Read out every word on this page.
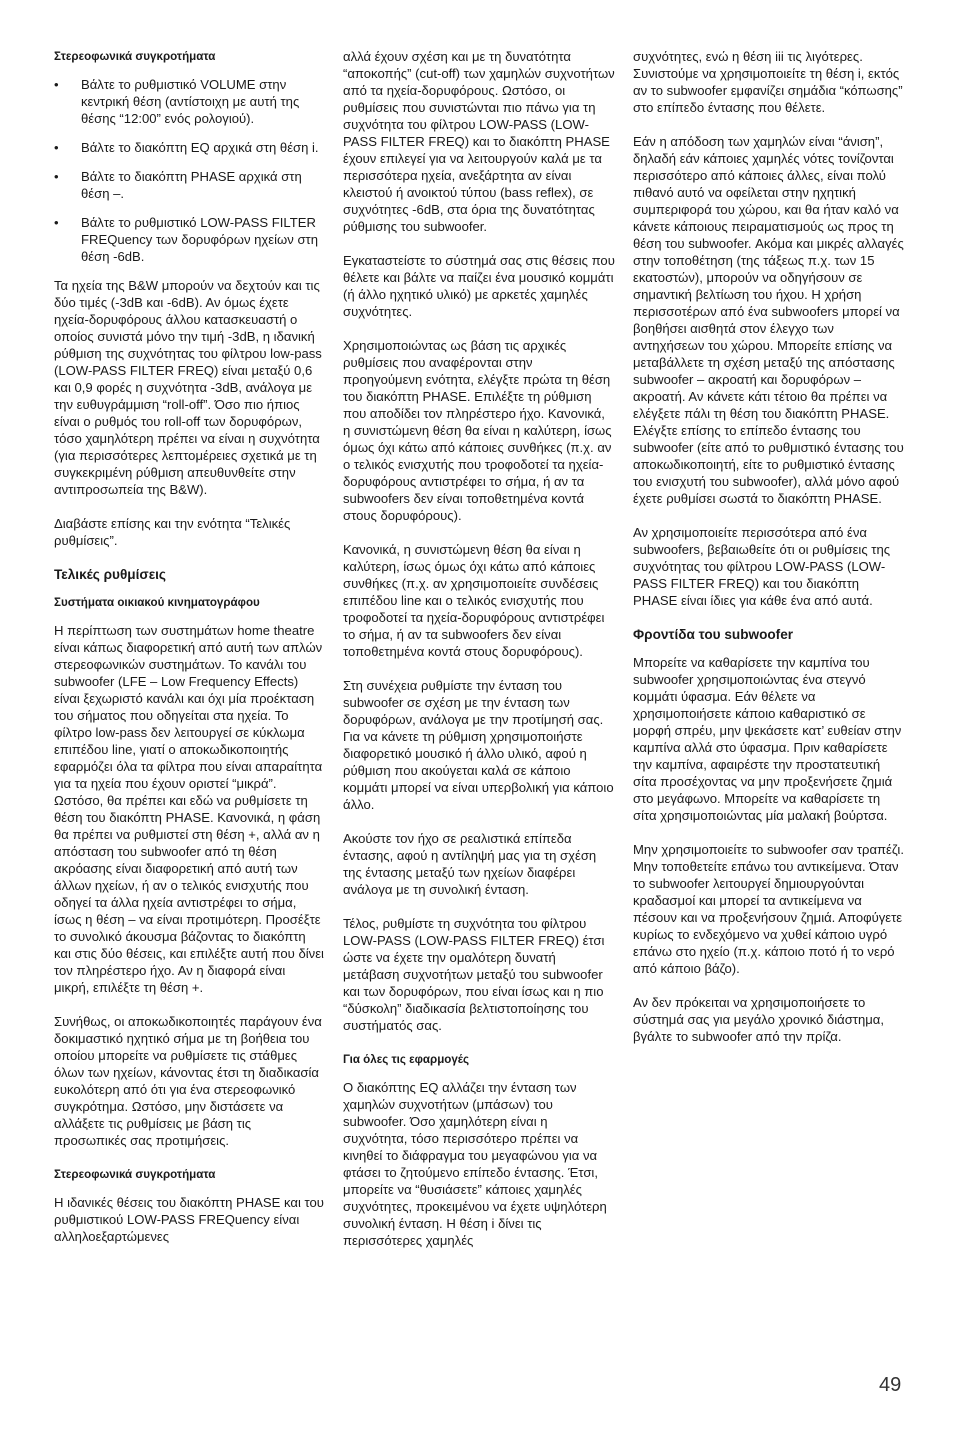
Στερεοφωνικά συγκροτήματα
• Βάλτε το ρυθμιστικό VOLUME στην κεντρική θέση (αντίστοιχη με αυτή της θέσης “12:00” ενός ρολογιού).
• Βάλτε το διακόπτη EQ αρχικά στη θέση i.
• Βάλτε το διακόπτη PHASE αρχικά στη θέση –.
• Βάλτε το ρυθμιστικό LOW-PASS FILTER FREQuency των δορυφόρων ηχείων στη θέση -6dB.

Τα ηχεία της B&W μπορούν να δεχτούν και τις δύο τιμές (-3dB και -6dB). Αν όμως έχετε ηχεία-δορυφόρους άλλου κατασκευαστή ο οποίος συνιστά μόνο την τιμή -3dB, η ιδανική ρύθμιση της συχνότητας του φίλτρου low-pass (LOW-PASS FILTER FREQ) είναι μεταξύ 0,6 και 0,9 φορές η συχνότητα -3dB, ανάλογα με την ευθυγράμμιση “roll-off”. Όσο πιο ήπιος είναι ο ρυθμός του roll-off των δορυφόρων, τόσο χαμηλότερη πρέπει να είναι η συχνότητα (για περισσότερες λεπτομέρειες σχετικά με τη συγκεκριμένη ρύθμιση απευθυνθείτε στην αντιπροσωπεία της B&W).

Διαβάστε επίσης και την ενότητα “Τελικές ρυθμίσεις”.

Τελικές ρυθμίσεις
Συστήματα οικιακού κινηματογράφου

Η περίπτωση των συστημάτων home theatre είναι κάπως διαφορετική από αυτή των απλών στερεοφωνικών συστημάτων. Το κανάλι του subwoofer (LFE – Low Frequency Effects) είναι ξεχωριστό κανάλι και όχι μία προέκταση του σήματος που οδηγείται στα ηχεία. Το φίλτρο low-pass δεν λειτουργεί σε κύκλωμα επιπέδου line, γιατί ο αποκωδικοποιητής εφαρμόζει όλα τα φίλτρα που είναι απαραίτητα για τα ηχεία που έχουν οριστεί “μικρά”. Ωστόσο, θα πρέπει και εδώ να ρυθμίσετε τη θέση του διακόπτη PHASE. Κανονικά, η φάση θα πρέπει να ρυθμιστεί στη θέση +, αλλά αν η απόσταση του subwoofer από τη θέση ακρόασης είναι διαφορετική από αυτή των άλλων ηχείων, ή αν ο τελικός ενισχυτής που οδηγεί τα άλλα ηχεία αντιστρέφει το σήμα, ίσως η θέση – να είναι προτιμότερη. Προσέξτε το συνολικό άκουσμα βάζοντας το διακόπτη και στις δύο θέσεις, και επιλέξτε αυτή που δίνει τον πληρέστερο ήχο. Αν η διαφορά είναι μικρή, επιλέξτε τη θέση +.

Συνήθως, οι αποκωδικοποιητές παράγουν ένα δοκιμαστικό ηχητικό σήμα με τη βοήθεια του οποίου μπορείτε να ρυθμίσετε τις στάθμες όλων των ηχείων, κάνοντας έτσι τη διαδικασία ευκολότερη από ότι για ένα στερεοφωνικό συγκρότημα. Ωστόσο, μην διστάσετε να αλλάξετε τις ρυθμίσεις με βάση τις προσωπικές σας προτιμήσεις.

Στερεοφωνικά συγκροτήματα

Η ιδανικές θέσεις του διακόπτη PHASE και του ρυθμιστικού LOW-PASS FREQuency είναι αλληλοεξαρτώμενες

αλλά έχουν σχέση και με τη δυνατότητα “αποκοπής” (cut-off) των χαμηλών συχνοτήτων από τα ηχεία-δορυφόρους. Ωστόσο, οι ρυθμίσεις που συνιστώνται πιο πάνω για τη συχνότητα του φίλτρου LOW-PASS (LOW-PASS FILTER FREQ) και το διακόπτη PHASE έχουν επιλεγεί για να λειτουργούν καλά με τα περισσότερα ηχεία, ανεξάρτητα αν είναι κλειστού ή ανοικτού τύπου (bass reflex), σε συχνότητες -6dB, στα όρια της δυνατότητας ρύθμισης του subwoofer.

Εγκαταστείστε το σύστημά σας στις θέσεις που θέλετε και βάλτε να παίζει ένα μουσικό κομμάτι (ή άλλο ηχητικό υλικό) με αρκετές χαμηλές συχνότητες.

Χρησιμοποιώντας ως βάση τις αρχικές ρυθμίσεις που αναφέρονται στην προηγούμενη ενότητα, ελέγξτε πρώτα τη θέση του διακόπτη PHASE. Επιλέξτε τη ρύθμιση που αποδίδει τον πληρέστερο ήχο. Κανονικά, η συνιστώμενη θέση θα είναι η καλύτερη, ίσως όμως όχι κάτω από κάποιες συνθήκες (π.χ. αν ο τελικός ενισχυτής που τροφοδοτεί τα ηχεία-δορυφόρους αντιστρέφει το σήμα, ή αν τα subwoofers δεν είναι τοποθετημένα κοντά στους δορυφόρους).

Κανονικά, η συνιστώμενη θέση θα είναι η καλύτερη, ίσως όμως όχι κάτω από κάποιες συνθήκες (π.χ. αν χρησιμοποιείτε συνδέσεις επιπέδου line και ο τελικός ενισχυτής που τροφοδοτεί τα ηχεία-δορυφόρους αντιστρέφει το σήμα, ή αν τα subwoofers δεν είναι τοποθετημένα κοντά στους δορυφόρους).

Στη συνέχεια ρυθμίστε την ένταση του subwoofer σε σχέση με την ένταση των δορυφόρων, ανάλογα με την προτίμησή σας. Για να κάνετε τη ρύθμιση χρησιμοποιήστε διαφορετικό μουσικό ή άλλο υλικό, αφού η ρύθμιση που ακούγεται καλά σε κάποιο κομμάτι μπορεί να είναι υπερβολική για κάποιο άλλο.

Ακούστε τον ήχο σε ρεαλιστικά επίπεδα έντασης, αφού η αντίληψή μας για τη σχέση της έντασης μεταξύ των ηχείων διαφέρει ανάλογα με τη συνολική ένταση.

Τέλος, ρυθμίστε τη συχνότητα του φίλτρου LOW-PASS (LOW-PASS FILTER FREQ) έτσι ώστε να έχετε την ομαλότερη δυνατή μετάβαση συχνοτήτων μεταξύ του subwoofer και των δορυφόρων, που είναι ίσως και η πιο “δύσκολη” διαδικασία βελτιστοποίησης του συστήματός σας.

Για όλες τις εφαρμογές

Ο διακόπτης EQ αλλάζει την ένταση των χαμηλών συχνοτήτων (μπάσων) του subwoofer. Όσο χαμηλότερη είναι η συχνότητα, τόσο περισσότερο πρέπει να κινηθεί το διάφραγμα του μεγαφώνου για να φτάσει το ζητούμενο επίπεδο έντασης. Έτσι, μπορείτε να “θυσιάσετε” κάποιες χαμηλές συχνότητες, προκειμένου να έχετε υψηλότερη συνολική ένταση. Η θέση i δίνει τις περισσότερες χαμηλές

συχνότητες, ενώ η θέση iii τις λιγότερες. Συνιστούμε να χρησιμοποιείτε τη θέση i, εκτός αν το subwoofer εμφανίζει σημάδια “κόπωσης” στο επίπεδο έντασης που θέλετε.

Εάν η απόδοση των χαμηλών είναι “άνιση”, δηλαδή εάν κάποιες χαμηλές νότες τονίζονται περισσότερο από κάποιες άλλες, είναι πολύ πιθανό αυτό να οφείλεται στην ηχητική συμπεριφορά του χώρου, και θα ήταν καλό να κάνετε κάποιους πειραματισμούς ως προς τη θέση του subwoofer. Ακόμα και μικρές αλλαγές στην τοποθέτηση (της τάξεως π.χ. των 15 εκατοστών), μπορούν να οδηγήσουν σε σημαντική βελτίωση του ήχου. Η χρήση περισσοτέρων από ένα subwoofers μπορεί να βοηθήσει αισθητά στον έλεγχο των αντηχήσεων του χώρου. Μπορείτε επίσης να μεταβάλλετε τη σχέση μεταξύ της απόστασης subwoofer – ακροατή και δορυφόρων – ακροατή. Αν κάνετε κάτι τέτοιο θα πρέπει να ελέγξετε πάλι τη θέση του διακόπτη PHASE. Ελέγξτε επίσης το επίπεδο έντασης του subwoofer (είτε από το ρυθμιστικό έντασης του αποκωδικοποιητή, είτε το ρυθμιστικό έντασης του ενισχυτή του subwoofer), αλλά μόνο αφού έχετε ρυθμίσει σωστά το διακόπτη PHASE.

Αν χρησιμοποιείτε περισσότερα από ένα subwoofers, βεβαιωθείτε ότι οι ρυθμίσεις της συχνότητας του φίλτρου LOW-PASS (LOW-PASS FILTER FREQ) και του διακόπτη PHASE είναι ίδιες για κάθε ένα από αυτά.

Φροντίδα του subwoofer

Μπορείτε να καθαρίσετε την καμπίνα του subwoofer χρησιμοποιώντας ένα στεγνό κομμάτι ύφασμα. Εάν θέλετε να χρησιμοποιήσετε κάποιο καθαριστικό σε μορφή σπρέυ, μην ψεκάσετε κατ’ ευθείαν στην καμπίνα αλλά στο ύφασμα. Πριν καθαρίσετε την καμπίνα, αφαιρέστε την προστατευτική σίτα προσέχοντας να μην προξενήσετε ζημιά στο μεγάφωνο. Μπορείτε να καθαρίσετε τη σίτα χρησιμοποιώντας μία μαλακή βούρτσα.

Μην χρησιμοποιείτε το subwoofer σαν τραπέζι. Μην τοποθετείτε επάνω του αντικείμενα. Όταν το subwoofer λειτουργεί δημιουργούνται κραδασμοί και μπορεί τα αντικείμενα να πέσουν και να προξενήσουν ζημιά. Αποφύγετε κυρίως το ενδεχόμενο να χυθεί κάποιο υγρό επάνω στο ηχείο (π.χ. κάποιο ποτό ή το νερό από κάποιο βάζο).

Αν δεν πρόκειται να χρησιμοποιήσετε το σύστημά σας για μεγάλο χρονικό διάστημα, βγάλτε το subwoofer από την πρίζα.

49
